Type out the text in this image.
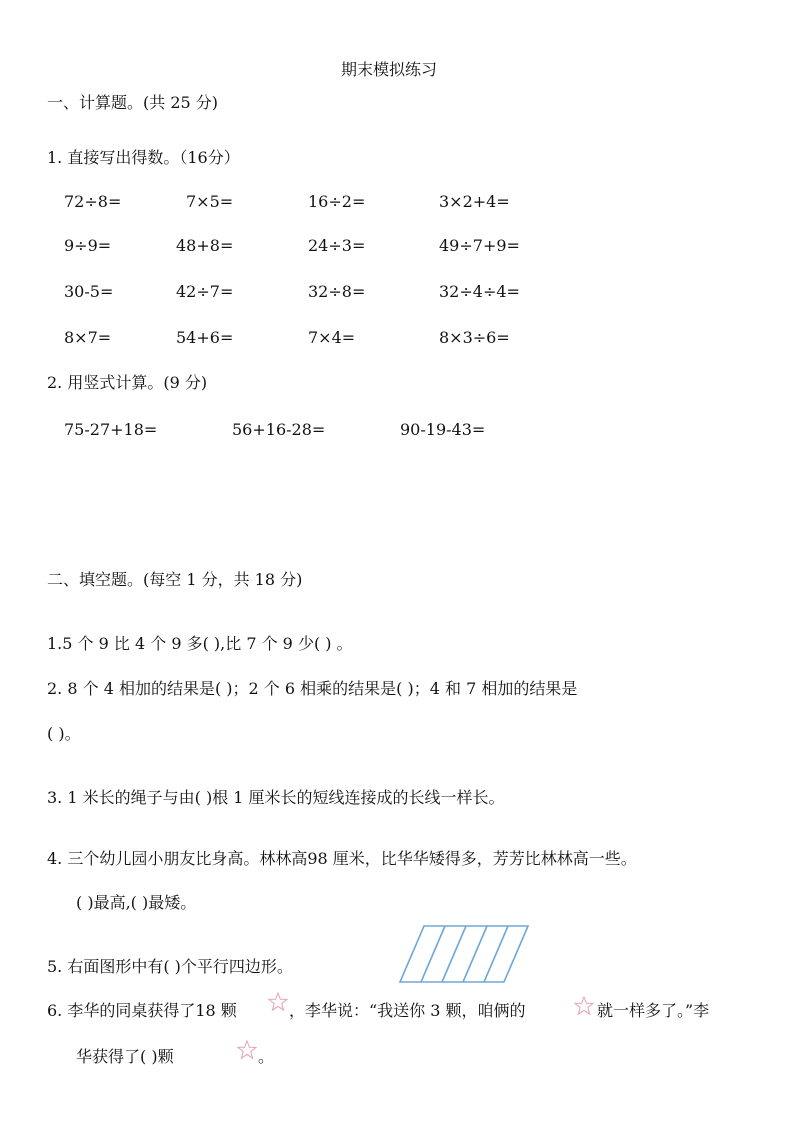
期末模拟练习
一、计算题。(共 25 分)
1. 直接写出得数。（16分）
72÷8=	7×5=	16÷2=	3×2+4=
9÷9=	48+8=	24÷3=	49÷7+9=
30-5=	42÷7=	32÷8=	32÷4÷4=
8×7=	54+6=	7×4=	8×3÷6=
2. 用竖式计算。(9 分)
75-27+18=	56+16-28=	90-19-43=
二、填空题。(每空 1 分，共 18 分)
1.5 个 9 比 4 个 9 多( ),比 7 个 9 少( ) 。
2. 8 个 4 相加的结果是( )；2 个 6 相乘的结果是( )；4 和 7 相加的结果是
( )。
3. 1 米长的绳子与由( )根 1 厘米长的短线连接成的长线一样长。
4. 三个幼儿园小朋友比身高。林林高98 厘米，比华华矮得多，芳芳比林林高一些。
( )最高,( )最矮。
5. 右面图形中有( )个平行四边形。
6. 李华的同桌获得了18 颗	，李华说：“我送你 3 颗，咱俩的	就一样多了。”李
华获得了( )颗	。
